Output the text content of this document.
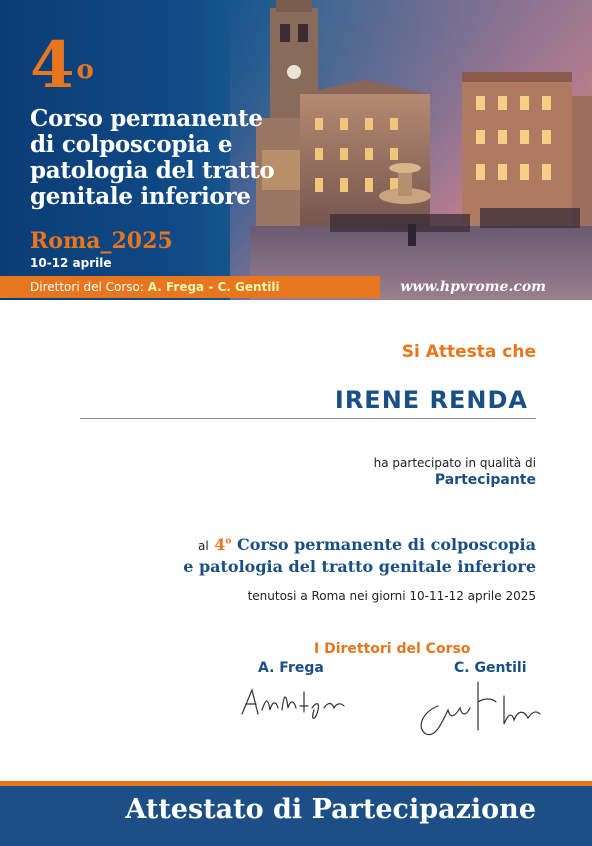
4$^o$
Corso permanente
di colposcopia e
patologia del tratto
genitale inferiore
Roma_2025
10-12 aprile
Direttori del Corso: A. Frega - C. Gentili	www.hpvrome.com
Si Attesta che
IRENE RENDA
ha partecipato in qualità di
Partecipante
al 4$^o$ Corso permanente di colposcopia
e patologia del tratto genitale inferiore
tenutosi a Roma nei giorni 10-11-12 aprile 2025
I Direttori del Corso
A. Frega	C. Gentili
Attestato di Partecipazione
